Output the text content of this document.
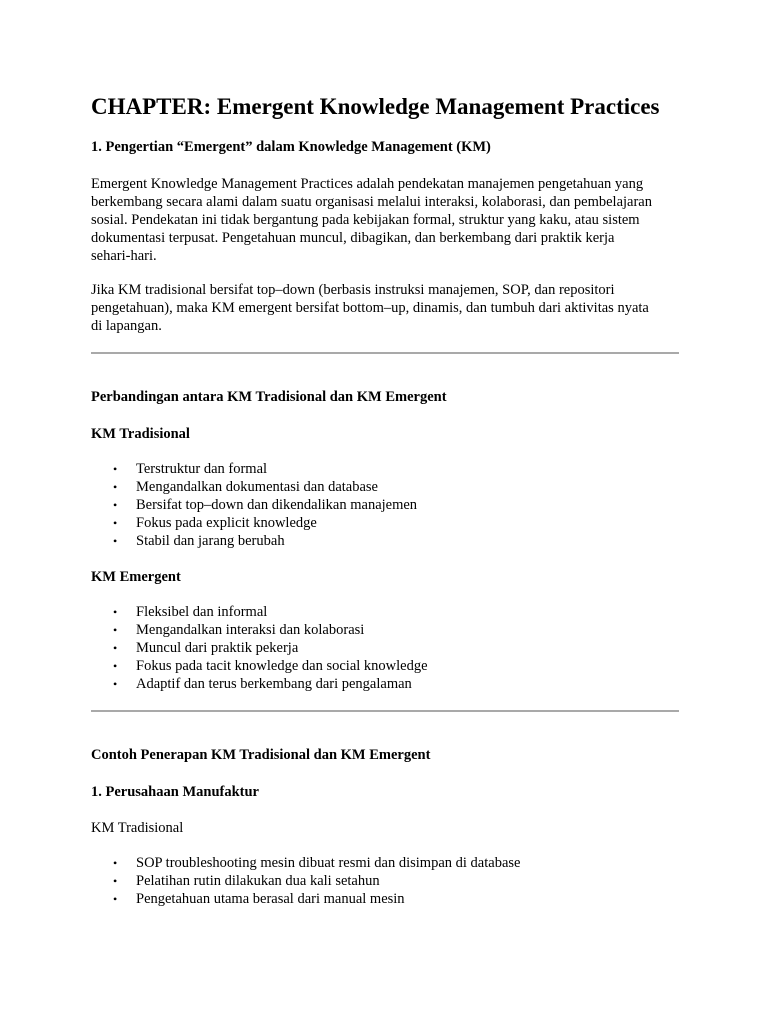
CHAPTER: Emergent Knowledge Management Practices
1. Pengertian “Emergent” dalam Knowledge Management (KM)
Emergent Knowledge Management Practices adalah pendekatan manajemen pengetahuan yang
berkembang secara alami dalam suatu organisasi melalui interaksi, kolaborasi, dan pembelajaran
sosial. Pendekatan ini tidak bergantung pada kebijakan formal, struktur yang kaku, atau sistem
dokumentasi terpusat. Pengetahuan muncul, dibagikan, dan berkembang dari praktik kerja
sehari-hari.
Jika KM tradisional bersifat top–down (berbasis instruksi manajemen, SOP, dan repositori
pengetahuan), maka KM emergent bersifat bottom–up, dinamis, dan tumbuh dari aktivitas nyata
di lapangan.
Perbandingan antara KM Tradisional dan KM Emergent
KM Tradisional
• Terstruktur dan formal
• Mengandalkan dokumentasi dan database
• Bersifat top–down dan dikendalikan manajemen
• Fokus pada explicit knowledge
• Stabil dan jarang berubah
KM Emergent
• Fleksibel dan informal
• Mengandalkan interaksi dan kolaborasi
• Muncul dari praktik pekerja
• Fokus pada tacit knowledge dan social knowledge
• Adaptif dan terus berkembang dari pengalaman
Contoh Penerapan KM Tradisional dan KM Emergent
1. Perusahaan Manufaktur

KM Tradisional

• SOP troubleshooting mesin dibuat resmi dan disimpan di database
• Pelatihan rutin dilakukan dua kali setahun
• Pengetahuan utama berasal dari manual mesin
